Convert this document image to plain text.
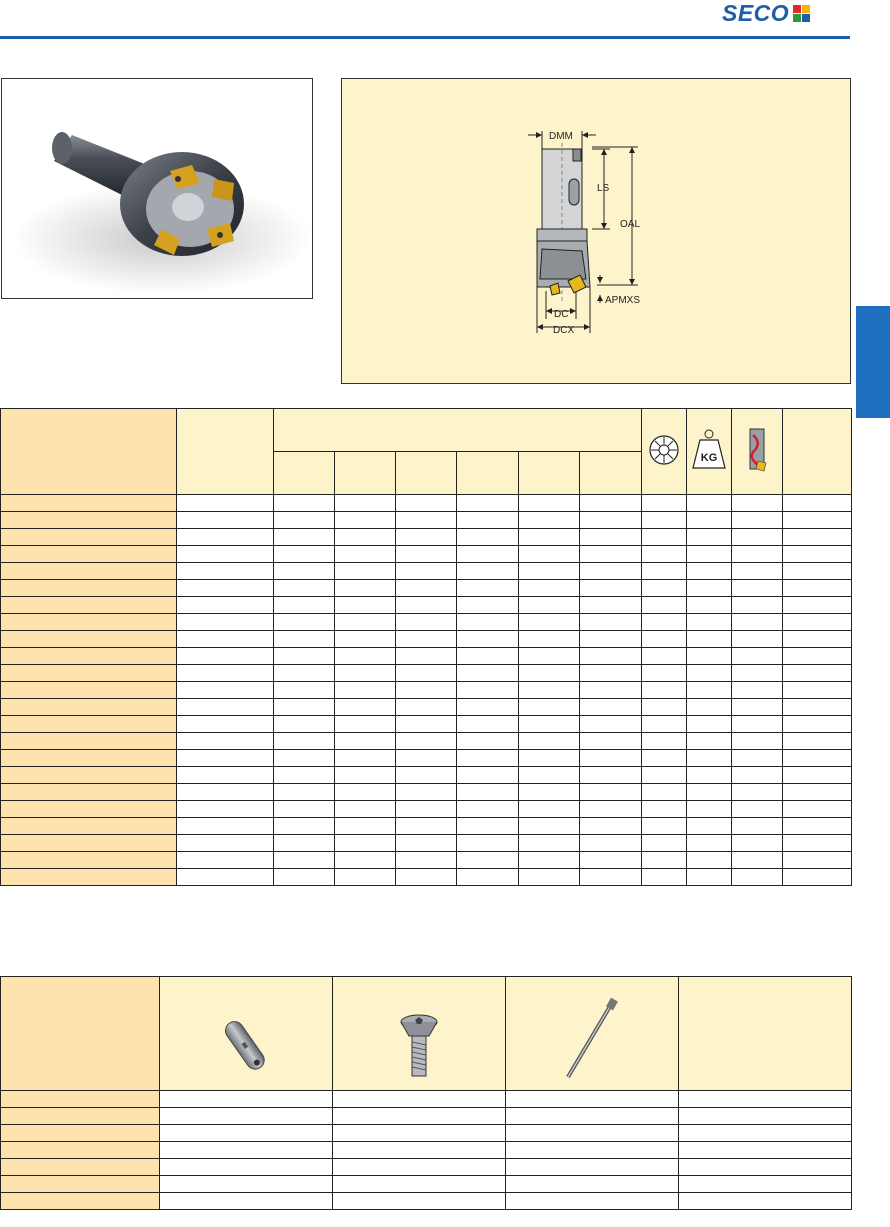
SECO
DMM
LS
OAL
APMXS
DC
DCX

KG
